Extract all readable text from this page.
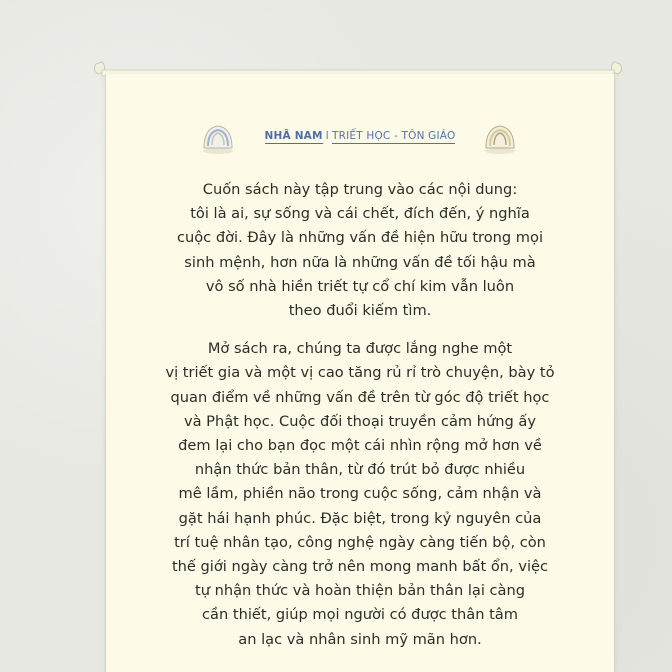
NHÃ NAM I TRIẾT HỌC - TÔN GIÁO

Cuốn sách này tập trung vào các nội dung:
tôi là ai, sự sống và cái chết, đích đến, ý nghĩa
cuộc đời. Đây là những vấn đề hiện hữu trong mọi
sinh mệnh, hơn nữa là những vấn đề tối hậu mà
vô số nhà hiền triết tự cổ chí kim vẫn luôn
theo đuổi kiếm tìm.

Mở sách ra, chúng ta được lắng nghe một
vị triết gia và một vị cao tăng rủ rỉ trò chuyện, bày tỏ
quan điểm về những vấn đề trên từ góc độ triết học
và Phật học. Cuộc đối thoại truyền cảm hứng ấy
đem lại cho bạn đọc một cái nhìn rộng mở hơn về
nhận thức bản thân, từ đó trút bỏ được nhiều
mê lầm, phiền não trong cuộc sống, cảm nhận và
gặt hái hạnh phúc. Đặc biệt, trong kỷ nguyên của
trí tuệ nhân tạo, công nghệ ngày càng tiến bộ, còn
thế giới ngày càng trở nên mong manh bất ổn, việc
tự nhận thức và hoàn thiện bản thân lại càng
cần thiết, giúp mọi người có được thân tâm
an lạc và nhân sinh mỹ mãn hơn.
